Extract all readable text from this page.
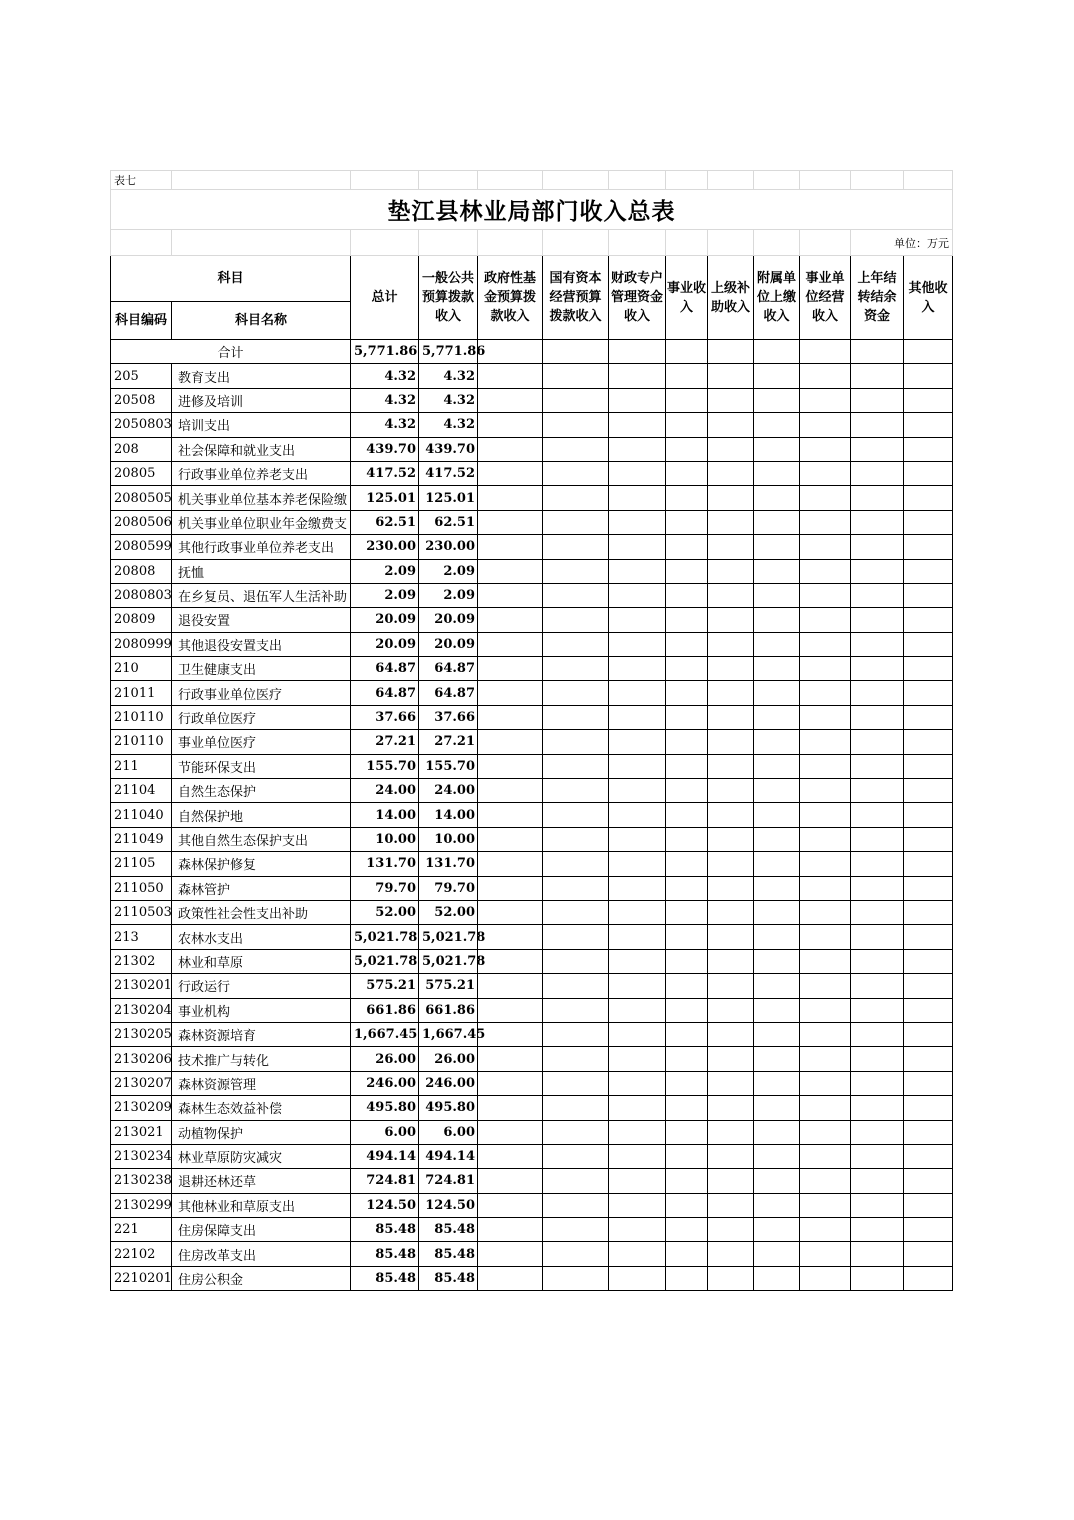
表七												
垫江县林业局部门收入总表												
											单位：万元	
科目		总计	一般公共预算拨款收入	政府性基金预算拨款收入	国有资本经营预算拨款收入	财政专户管理资金收入	事业收入	上级补助收入	附属单位上缴收入	事业单位经营收入	上年结转结余资金	其他收入
科目编码	科目名称											
合计		5,771.86	5,771.86									
205	教育支出	4.32	4.32									
20508	进修及培训	4.32	4.32									
2050803	培训支出	4.32	4.32									
208	社会保障和就业支出	439.70	439.70									
20805	行政事业单位养老支出	417.52	417.52									
2080505	机关事业单位基本养老保险缴	125.01	125.01									
2080506	机关事业单位职业年金缴费支	62.51	62.51									
2080599	其他行政事业单位养老支出	230.00	230.00									
20808	抚恤	2.09	2.09									
2080803	在乡复员、退伍军人生活补助	2.09	2.09									
20809	退役安置	20.09	20.09									
2080999	其他退役安置支出	20.09	20.09									
210	卫生健康支出	64.87	64.87									
21011	行政事业单位医疗	64.87	64.87									
210110	行政单位医疗	37.66	37.66									
210110	事业单位医疗	27.21	27.21									
211	节能环保支出	155.70	155.70									
21104	自然生态保护	24.00	24.00									
211040	自然保护地	14.00	14.00									
211049	其他自然生态保护支出	10.00	10.00									
21105	森林保护修复	131.70	131.70									
211050	森林管护	79.70	79.70									
2110503	政策性社会性支出补助	52.00	52.00									
213	农林水支出	5,021.78	5,021.78									
21302	林业和草原	5,021.78	5,021.78									
2130201	行政运行	575.21	575.21									
2130204	事业机构	661.86	661.86									
2130205	森林资源培育	1,667.45	1,667.45									
2130206	技术推广与转化	26.00	26.00									
2130207	森林资源管理	246.00	246.00									
2130209	森林生态效益补偿	495.80	495.80									
213021	动植物保护	6.00	6.00									
2130234	林业草原防灾减灾	494.14	494.14									
2130238	退耕还林还草	724.81	724.81									
2130299	其他林业和草原支出	124.50	124.50									
221	住房保障支出	85.48	85.48									
22102	住房改革支出	85.48	85.48									
2210201	住房公积金	85.48	85.48									
